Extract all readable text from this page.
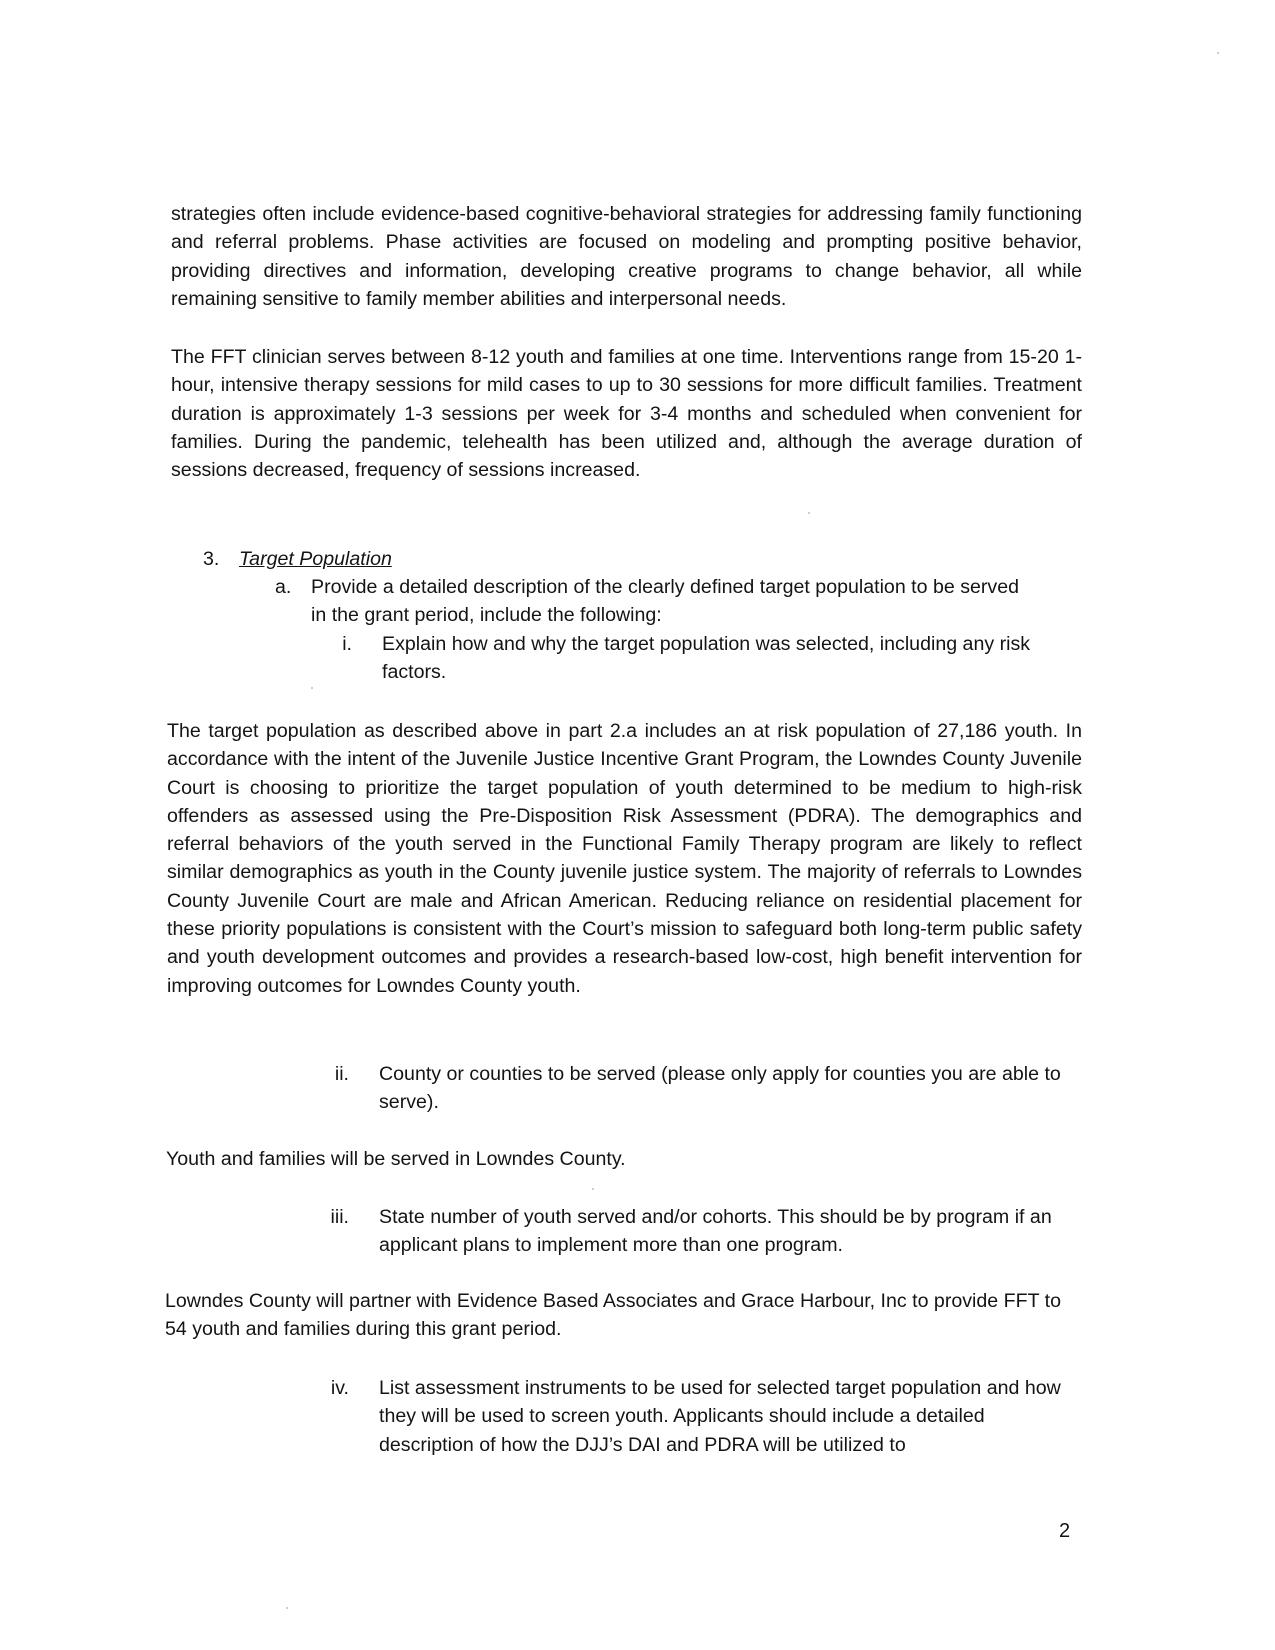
strategies often include evidence-based cognitive-behavioral strategies for addressing family functioning and referral problems. Phase activities are focused on modeling and prompting positive behavior, providing directives and information, developing creative programs to change behavior, all while remaining sensitive to family member abilities and interpersonal needs.

The FFT clinician serves between 8-12 youth and families at one time. Interventions range from 15-20 1-hour, intensive therapy sessions for mild cases to up to 30 sessions for more difficult families. Treatment duration is approximately 1-3 sessions per week for 3-4 months and scheduled when convenient for families. During the pandemic, telehealth has been utilized and, although the average duration of sessions decreased, frequency of sessions increased.

3. Target Population
a. Provide a detailed description of the clearly defined target population to be served in the grant period, include the following:
i. Explain how and why the target population was selected, including any risk factors.

The target population as described above in part 2.a includes an at risk population of 27,186 youth. In accordance with the intent of the Juvenile Justice Incentive Grant Program, the Lowndes County Juvenile Court is choosing to prioritize the target population of youth determined to be medium to high-risk offenders as assessed using the Pre-Disposition Risk Assessment (PDRA). The demographics and referral behaviors of the youth served in the Functional Family Therapy program are likely to reflect similar demographics as youth in the County juvenile justice system. The majority of referrals to Lowndes County Juvenile Court are male and African American. Reducing reliance on residential placement for these priority populations is consistent with the Court’s mission to safeguard both long-term public safety and youth development outcomes and provides a research-based low-cost, high benefit intervention for improving outcomes for Lowndes County youth.

ii. County or counties to be served (please only apply for counties you are able to serve).

Youth and families will be served in Lowndes County.

iii. State number of youth served and/or cohorts. This should be by program if an applicant plans to implement more than one program.

Lowndes County will partner with Evidence Based Associates and Grace Harbour, Inc to provide FFT to 54 youth and families during this grant period.

iv. List assessment instruments to be used for selected target population and how they will be used to screen youth. Applicants should include a detailed description of how the DJJ’s DAI and PDRA will be utilized to
2
